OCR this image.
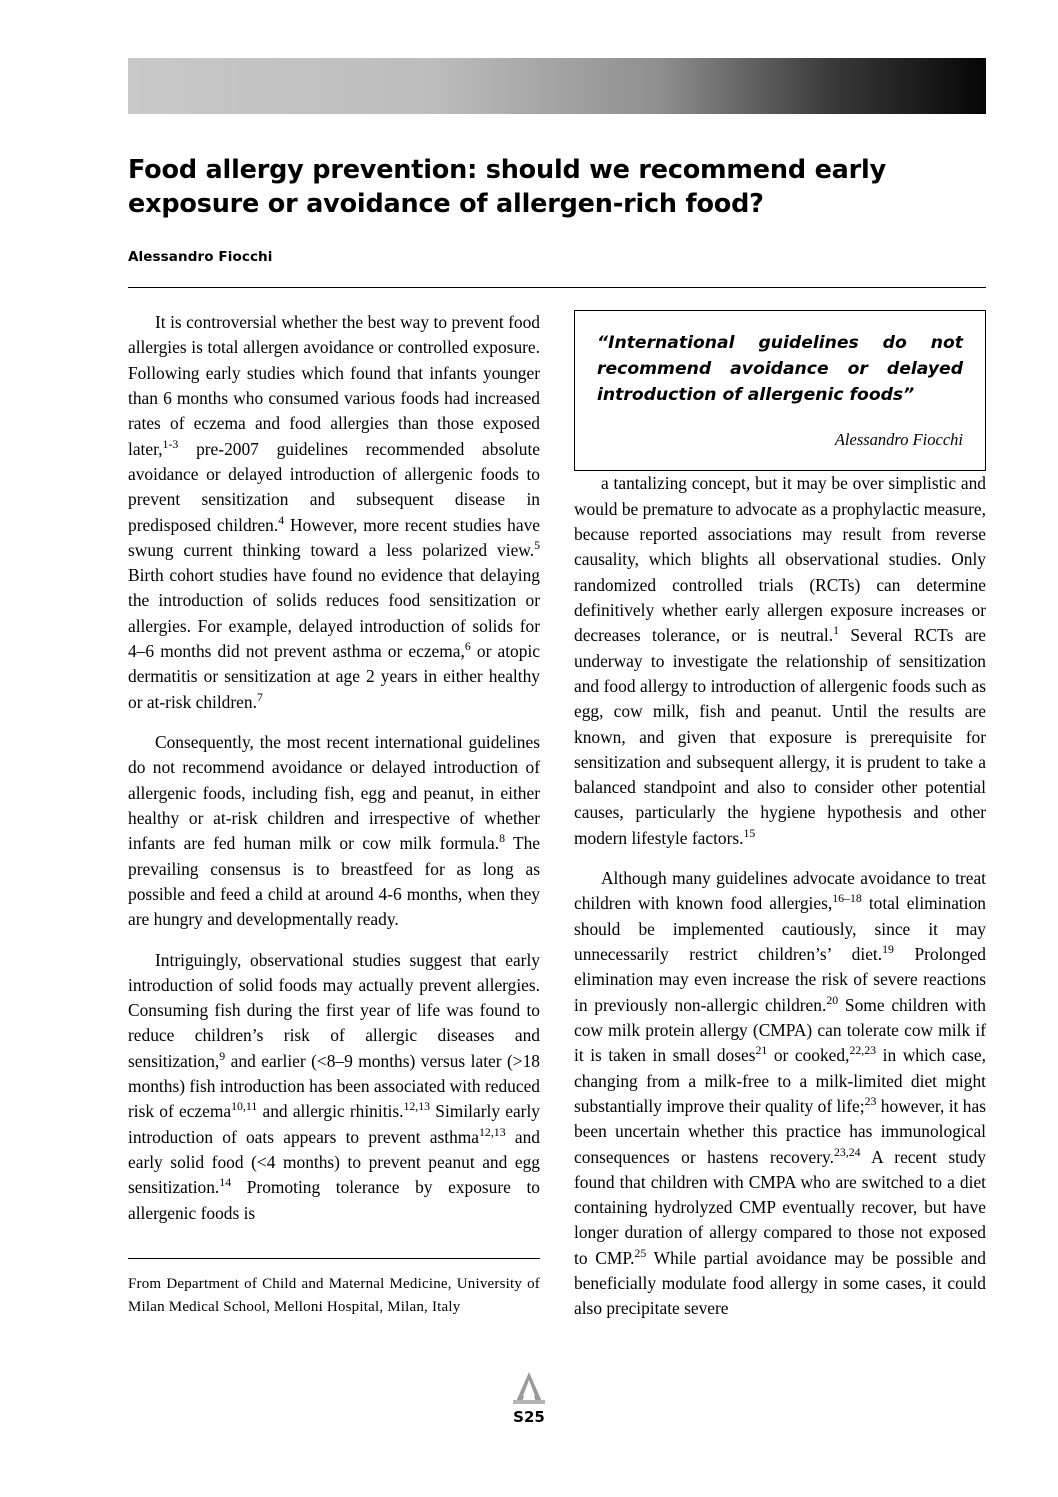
Food allergy prevention: should we recommend early
exposure or avoidance of allergen-rich food?
Alessandro Fiocchi

It is controversial whether the best way to prevent food allergies is total allergen avoidance or controlled exposure. Following early studies which found that infants younger than 6 months who consumed various foods had increased rates of eczema and food allergies than those exposed later,$^{1-3}$ pre-2007 guidelines recommended absolute avoidance or delayed introduction of allergenic foods to prevent sensitization and subsequent disease in predisposed children.$^4$ However, more recent studies have swung current thinking toward a less polarized view.$^5$ Birth cohort studies have found no evidence that delaying the introduction of solids reduces food sensitization or allergies. For example, delayed introduction of solids for 4–6 months did not prevent asthma or eczema,$^6$ or atopic dermatitis or sensitization at age 2 years in either healthy or at-risk children.$^7$

Consequently, the most recent international guidelines do not recommend avoidance or delayed introduction of allergenic foods, including fish, egg and peanut, in either healthy or at-risk children and irrespective of whether infants are fed human milk or cow milk formula.$^8$ The prevailing consensus is to breastfeed for as long as possible and feed a child at around 4-6 months, when they are hungry and developmentally ready.

Intriguingly, observational studies suggest that early introduction of solid foods may actually prevent allergies. Consuming fish during the first year of life was found to reduce children’s risk of allergic diseases and sensitization,$^9$ and earlier (<8–9 months) versus later (>18 months) fish introduction has been associated with reduced risk of eczema$^{10,11}$ and allergic rhinitis.$^{12,13}$ Similarly early introduction of oats appears to prevent asthma$^{12,13}$ and early solid food (<4 months) to prevent peanut and egg sensitization.$^{14}$ Promoting tolerance by exposure to allergenic foods is

“International guidelines do not recommend avoidance or delayed introduction of allergenic foods”

Alessandro Fiocchi

a tantalizing concept, but it may be over simplistic and would be premature to advocate as a prophylactic measure, because reported associations may result from reverse causality, which blights all observational studies. Only randomized controlled trials (RCTs) can determine definitively whether early allergen exposure increases or decreases tolerance, or is neutral.$^1$ Several RCTs are underway to investigate the relationship of sensitization and food allergy to introduction of allergenic foods such as egg, cow milk, fish and peanut. Until the results are known, and given that exposure is prerequisite for sensitization and subsequent allergy, it is prudent to take a balanced standpoint and also to consider other potential causes, particularly the hygiene hypothesis and other modern lifestyle factors.$^{15}$

Although many guidelines advocate avoidance to treat children with known food allergies,$^{16-18}$ total elimination should be implemented cautiously, since it may unnecessarily restrict children’s’ diet.$^{19}$ Prolonged elimination may even increase the risk of severe reactions in previously non-allergic children.$^{20}$ Some children with cow milk protein allergy (CMPA) can tolerate cow milk if it is taken in small doses$^{21}$ or cooked,$^{22,23}$ in which case, changing from a milk-free to a milk-limited diet might substantially improve their quality of life;$^{23}$ however, it has been uncertain whether this practice has immunological consequences or hastens recovery.$^{23,24}$ A recent study found that children with CMPA who are switched to a diet containing hydrolyzed CMP eventually recover, but have longer duration of allergy compared to those not exposed to CMP.$^{25}$ While partial avoidance may be possible and beneficially modulate food allergy in some cases, it could also precipitate severe

From Department of Child and Maternal Medicine, University of Milan Medical School, Melloni Hospital, Milan, Italy

S25
